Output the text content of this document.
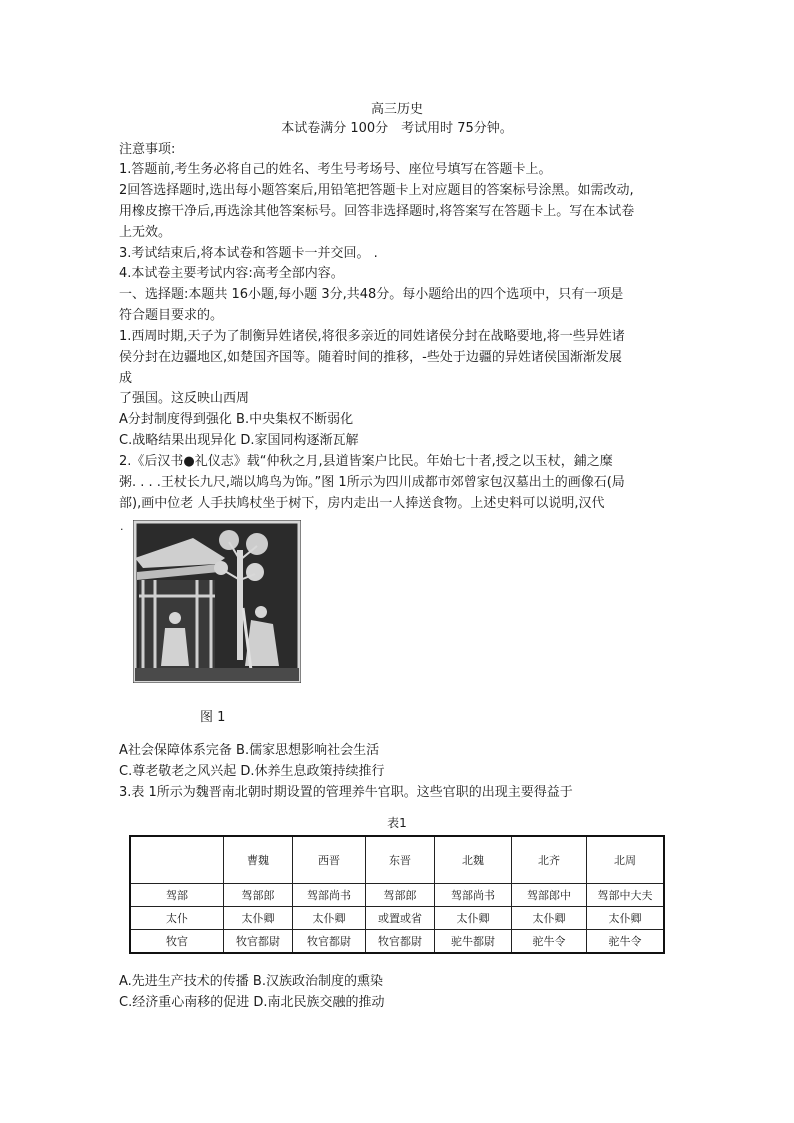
高三历史
本试卷满分 100分　考试用时 75分钟。
注意事项:
1.答题前,考生务必将自己的姓名、考生号考场号、座位号填写在答题卡上。
2回答选择题时,选出每小题答案后,用铅笔把答题卡上对应题目的答案标号涂黑。如需改动,
用橡皮擦干净后,再选涂其他答案标号。回答非选择题时,将答案写在答题卡上。写在本试卷
上无效。
3.考试结束后,将本试卷和答题卡一并交回。 .
4.本试卷主要考试内容:高考全部内容。
一、选择题:本题共 16小题,每小题 3分,共48分。每小题给出的四个选项中，只有一项是
符合题目要求的。
1.西周时期,天子为了制衡异姓诸侯,将很多亲近的同姓诸侯分封在战略要地,将一些异姓诸
侯分封在边疆地区,如楚国齐国等。随着时间的推移，-些处于边疆的异姓诸侯国渐渐发展
成
了强国。这反映山西周
A分封制度得到强化 B.中央集权不断弱化
C.战略结果出现异化 D.家国同构逐渐瓦解
2.《后汉书●礼仪志》载“仲秋之月,县道皆案户比民。年始七十者,授之以玉杖，鋪之糜
粥. . . .王杖长九尺,端以鸠鸟为饰。”图 1所示为四川成都市郊曾家包汉墓出土的画像石(局
部),画中位老 人手扶鸠杖坐于树下，房内走出一人捧送食物。上述史料可以说明,汉代
.
图 1
A社会保障体系完备 B.儒家思想影响社会生活
C.尊老敬老之风兴起 D.休养生息政策持续推行
3.表 1所示为魏晋南北朝时期设置的管理养牛官职。这些官职的出现主要得益于
表1
	曹魏	西晋	东晋	北魏	北齐	北周
驾部	驾部郎	驾部尚书	驾部郎	驾部尚书	驾部郎中	驾部中大夫
太仆	太仆卿	太仆卿	或置或省	太仆卿	太仆卿	太仆卿
牧官	牧官都尉	牧官都尉	牧官都尉	驼牛都尉	驼牛令	驼牛令
A.先进生产技术的传播 B.汉族政治制度的熏染
C.经济重心南移的促进 D.南北民族交融的推动
